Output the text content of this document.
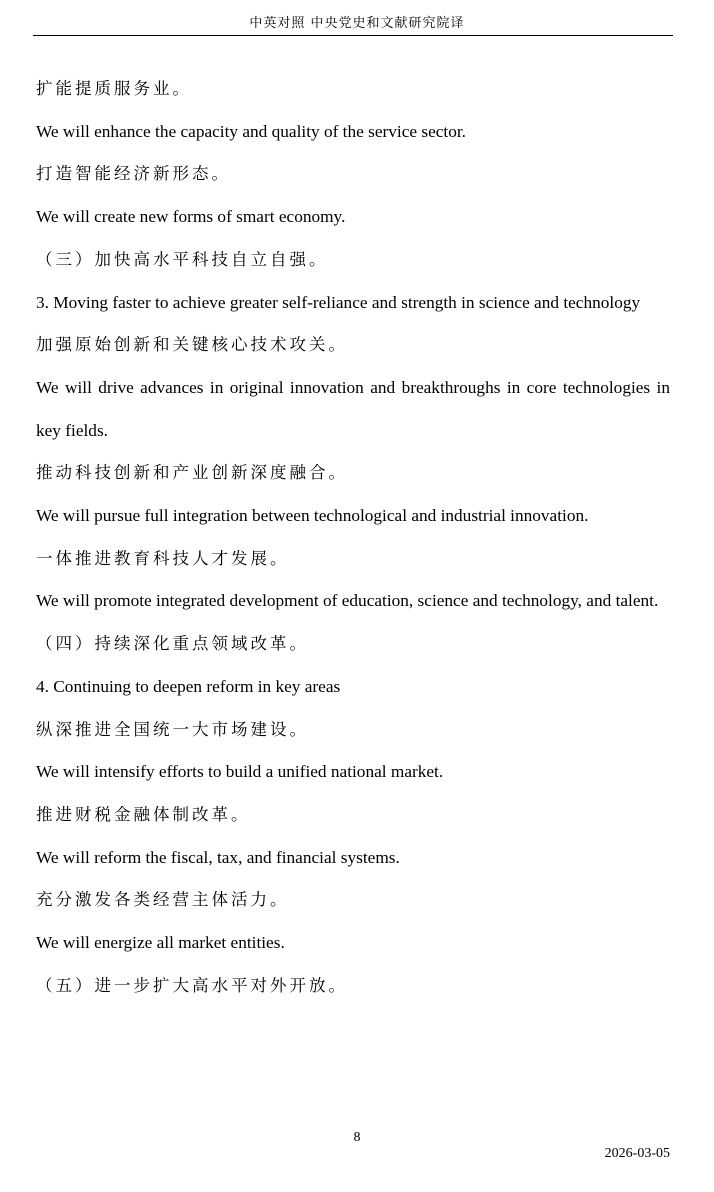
中英对照 中央党史和文献研究院译

扩能提质服务业。

We will enhance the capacity and quality of the service sector.

打造智能经济新形态。

We will create new forms of smart economy.

（三）加快高水平科技自立自强。

3. Moving faster to achieve greater self-reliance and strength in science and technology

加强原始创新和关键核心技术攻关。

We will drive advances in original innovation and breakthroughs in core technologies in key fields.

推动科技创新和产业创新深度融合。

We will pursue full integration between technological and industrial innovation.

一体推进教育科技人才发展。

We will promote integrated development of education, science and technology, and talent.

（四）持续深化重点领域改革。

4. Continuing to deepen reform in key areas

纵深推进全国统一大市场建设。

We will intensify efforts to build a unified national market.

推进财税金融体制改革。

We will reform the fiscal, tax, and financial systems.

充分激发各类经营主体活力。

We will energize all market entities.

（五）进一步扩大高水平对外开放。

8
2026-03-05
